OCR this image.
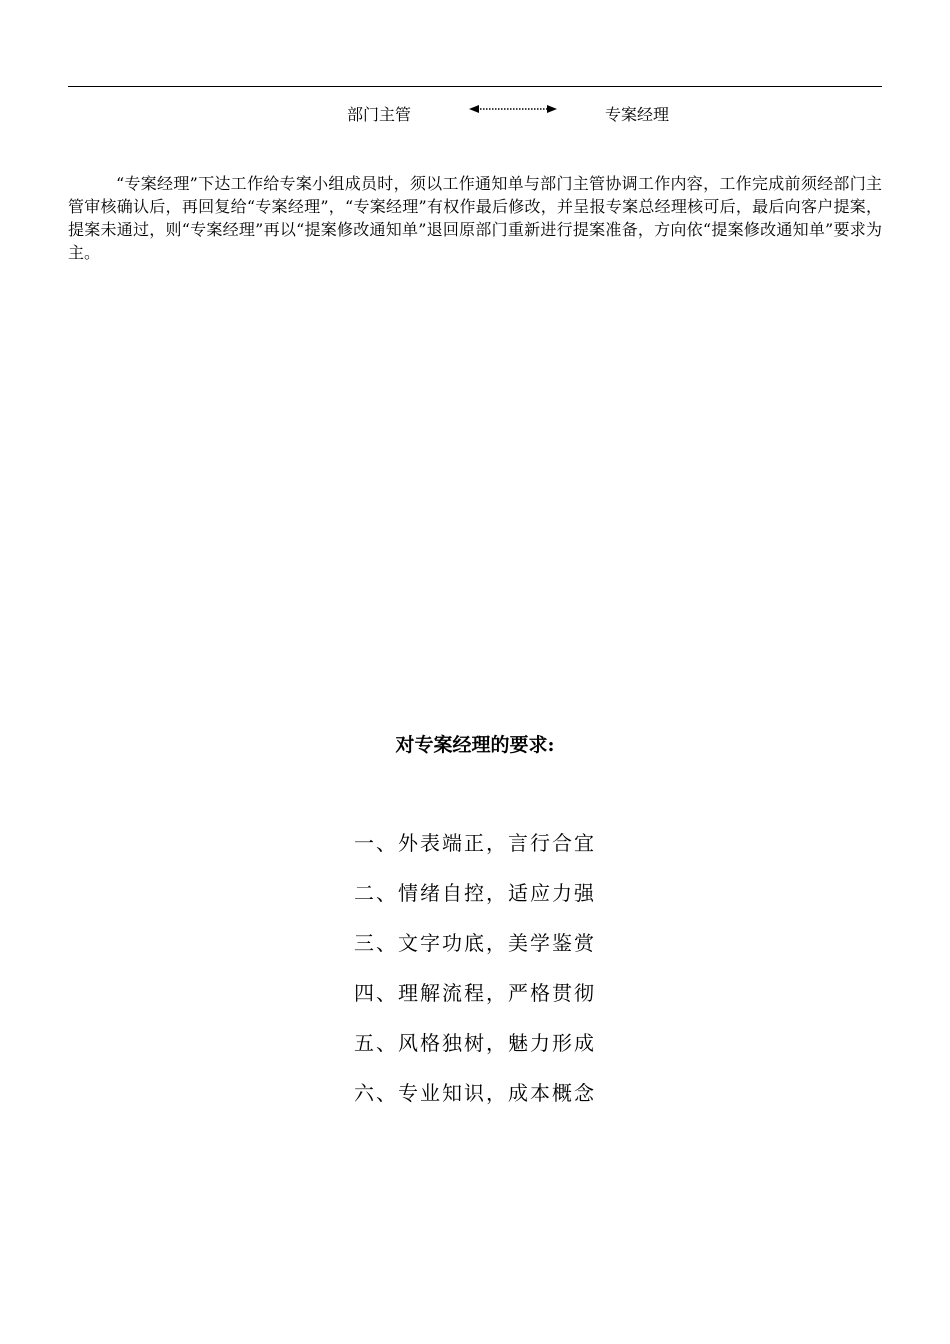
部门主管	专案经理

“专案经理”下达工作给专案小组成员时，须以工作通知单与部门主管协调工作内容，工作完成前须经部门主管审核确认后，再回复给“专案经理”，“专案经理”有权作最后修改，并呈报专案总经理核可后，最后向客户提案，提案未通过，则“专案经理”再以“提案修改通知单”退回原部门重新进行提案准备，方向依“提案修改通知单”要求为主。

对专案经理的要求:
一、外表端正，言行合宜
二、情绪自控，适应力强
三、文字功底，美学鉴赏
四、理解流程，严格贯彻
五、风格独树，魅力形成
六、专业知识，成本概念
